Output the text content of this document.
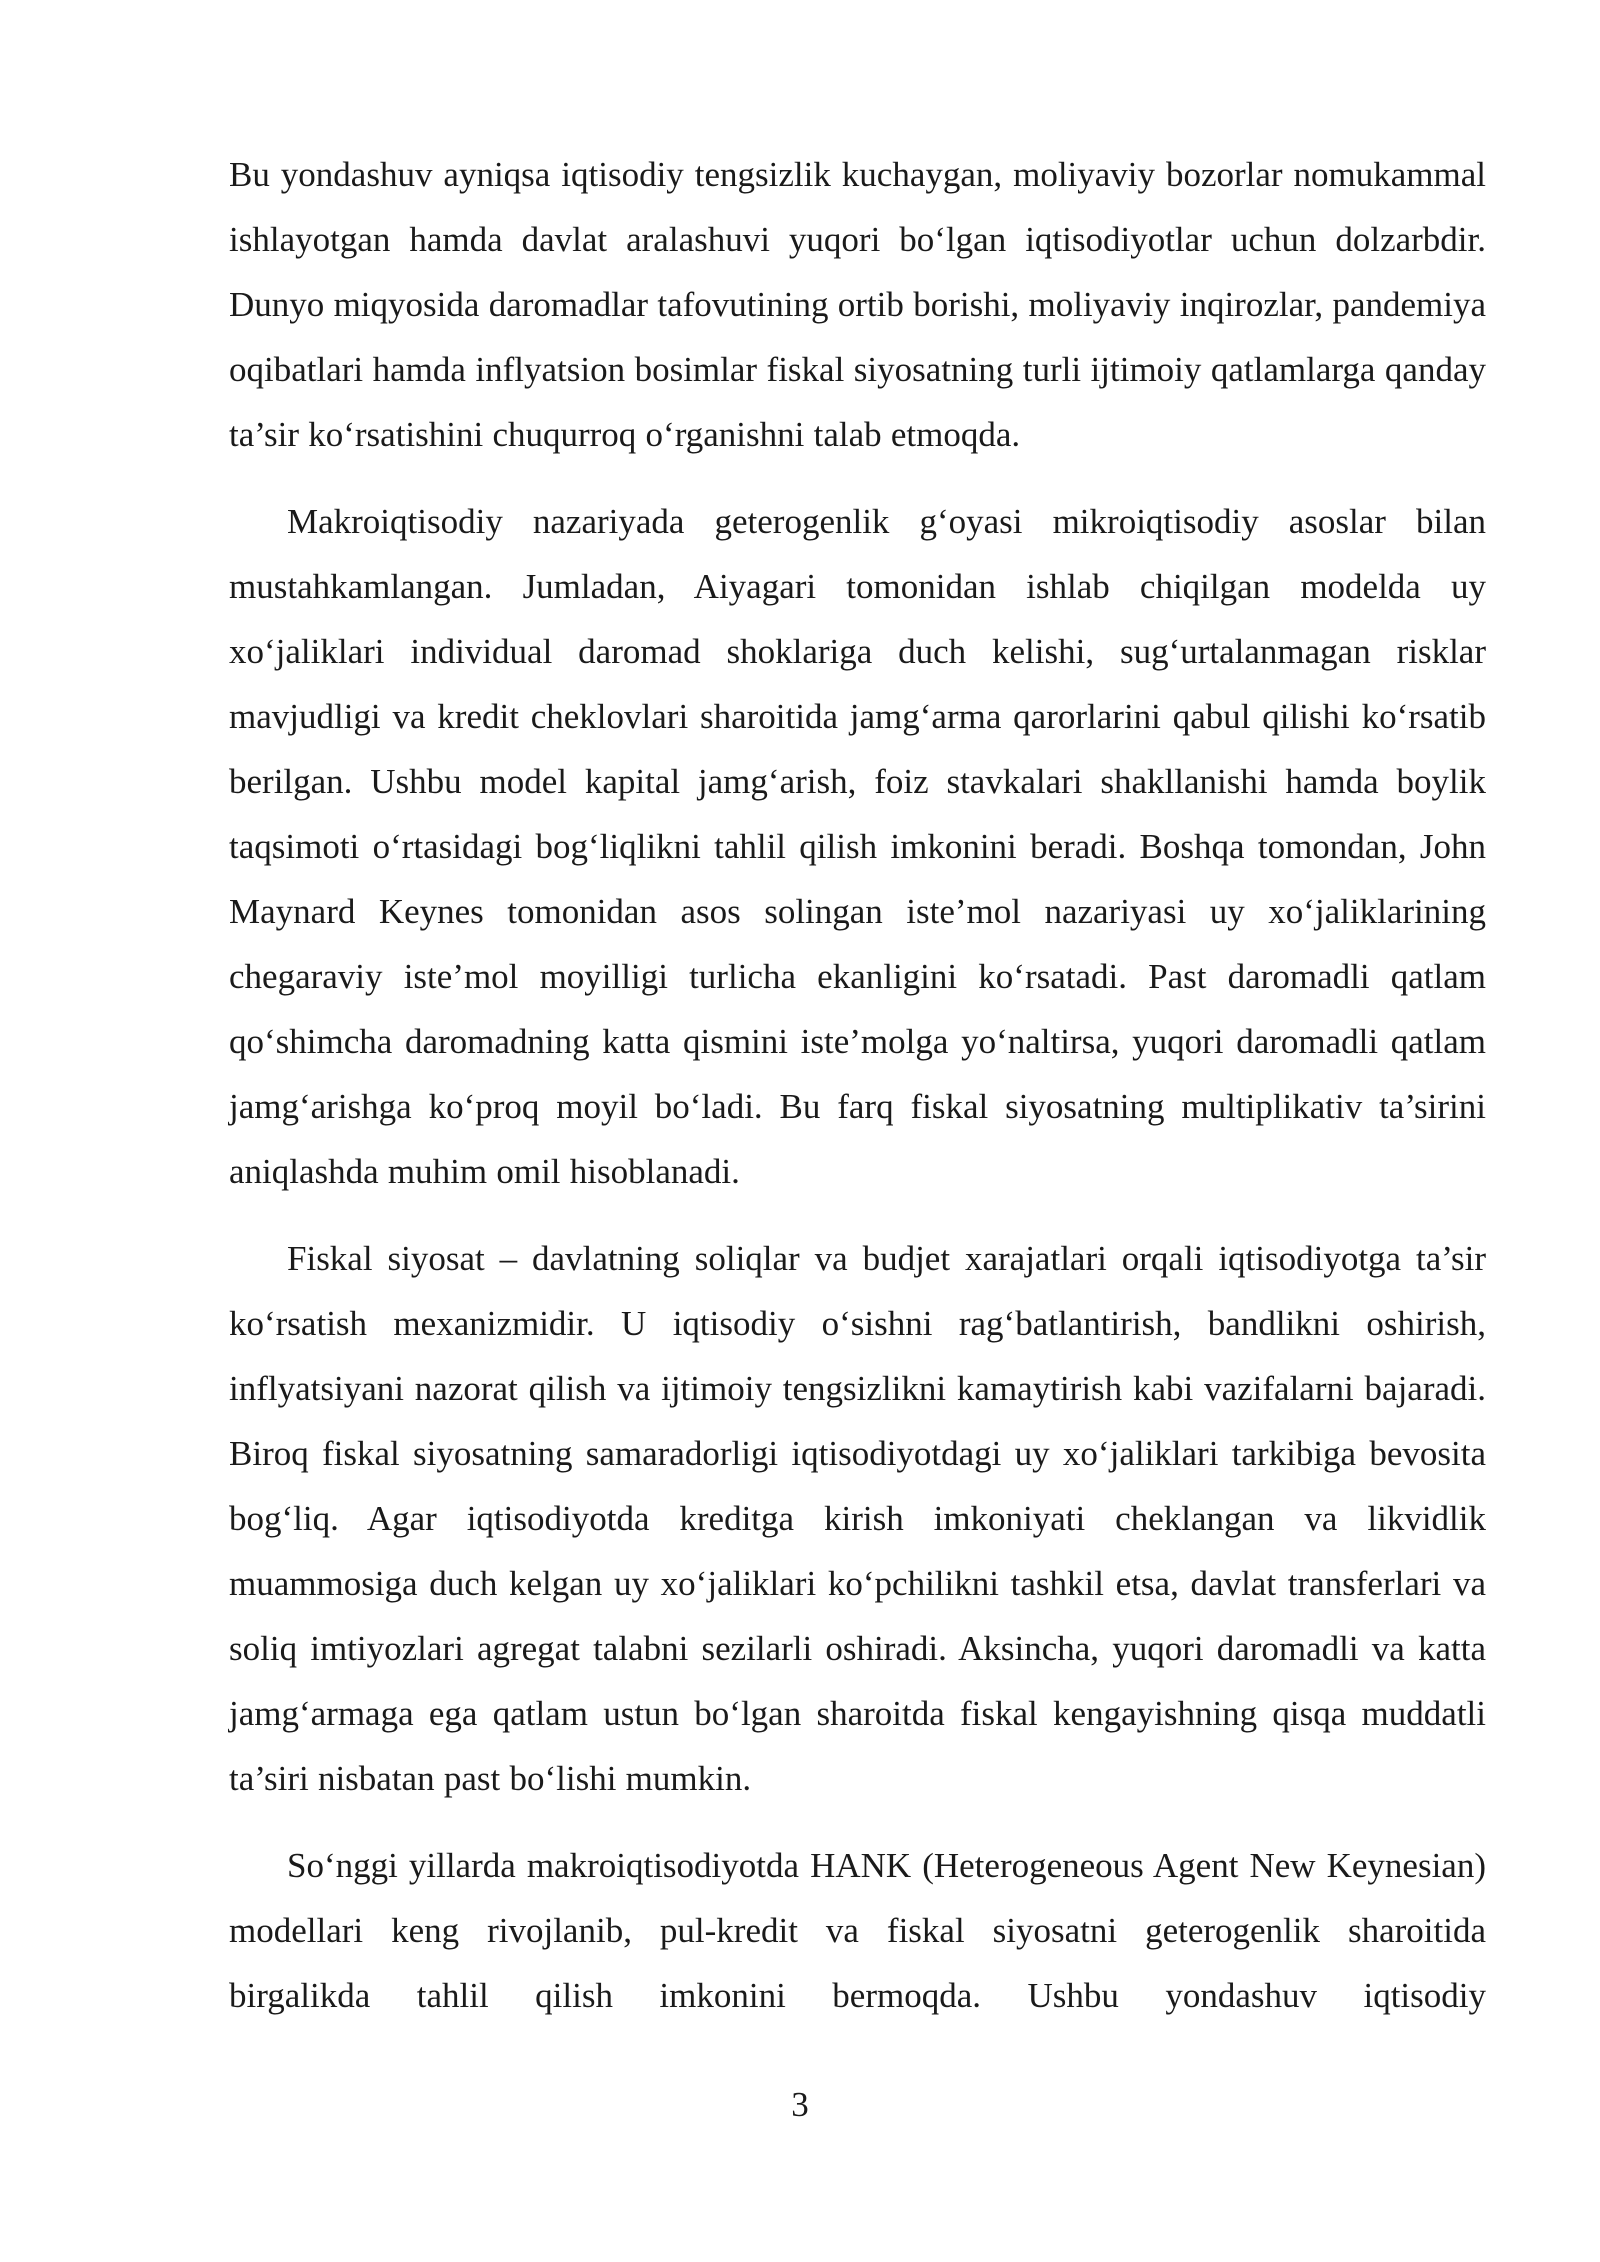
Bu yondashuv ayniqsa iqtisodiy tengsizlik kuchaygan, moliyaviy bozorlar nomukammal ishlayotgan hamda davlat aralashuvi yuqori bo‘lgan iqtisodiyotlar uchun dolzarbdir. Dunyo miqyosida daromadlar tafovutining ortib borishi, moliyaviy inqirozlar, pandemiya oqibatlari hamda inflyatsion bosimlar fiskal siyosatning turli ijtimoiy qatlamlarga qanday ta’sir ko‘rsatishini chuqurroq o‘rganishni talab etmoqda.

Makroiqtisodiy nazariyada geterogenlik g‘oyasi mikroiqtisodiy asoslar bilan mustahkamlangan. Jumladan, Aiyagari tomonidan ishlab chiqilgan modelda uy xo‘jaliklari individual daromad shoklariga duch kelishi, sug‘urtalanmagan risklar mavjudligi va kredit cheklovlari sharoitida jamg‘arma qarorlarini qabul qilishi ko‘rsatib berilgan. Ushbu model kapital jamg‘arish, foiz stavkalari shakllanishi hamda boylik taqsimoti o‘rtasidagi bog‘liqlikni tahlil qilish imkonini beradi. Boshqa tomondan, John Maynard Keynes tomonidan asos solingan iste’mol nazariyasi uy xo‘jaliklarining chegaraviy iste’mol moyilligi turlicha ekanligini ko‘rsatadi. Past daromadli qatlam qo‘shimcha daromadning katta qismini iste’molga yo‘naltirsa, yuqori daromadli qatlam jamg‘arishga ko‘proq moyil bo‘ladi. Bu farq fiskal siyosatning multiplikativ ta’sirini aniqlashda muhim omil hisoblanadi.

Fiskal siyosat – davlatning soliqlar va budjet xarajatlari orqali iqtisodiyotga ta’sir ko‘rsatish mexanizmidir. U iqtisodiy o‘sishni rag‘batlantirish, bandlikni oshirish, inflyatsiyani nazorat qilish va ijtimoiy tengsizlikni kamaytirish kabi vazifalarni bajaradi. Biroq fiskal siyosatning samaradorligi iqtisodiyotdagi uy xo‘jaliklari tarkibiga bevosita bog‘liq. Agar iqtisodiyotda kreditga kirish imkoniyati cheklangan va likvidlik muammosiga duch kelgan uy xo‘jaliklari ko‘pchilikni tashkil etsa, davlat transferlari va soliq imtiyozlari agregat talabni sezilarli oshiradi. Aksincha, yuqori daromadli va katta jamg‘armaga ega qatlam ustun bo‘lgan sharoitda fiskal kengayishning qisqa muddatli ta’siri nisbatan past bo‘lishi mumkin.

So‘nggi yillarda makroiqtisodiyotda HANK (Heterogeneous Agent New Keynesian) modellari keng rivojlanib, pul-kredit va fiskal siyosatni geterogenlik sharoitida birgalikda tahlil qilish imkonini bermoqda. Ushbu yondashuv iqtisodiy

3
